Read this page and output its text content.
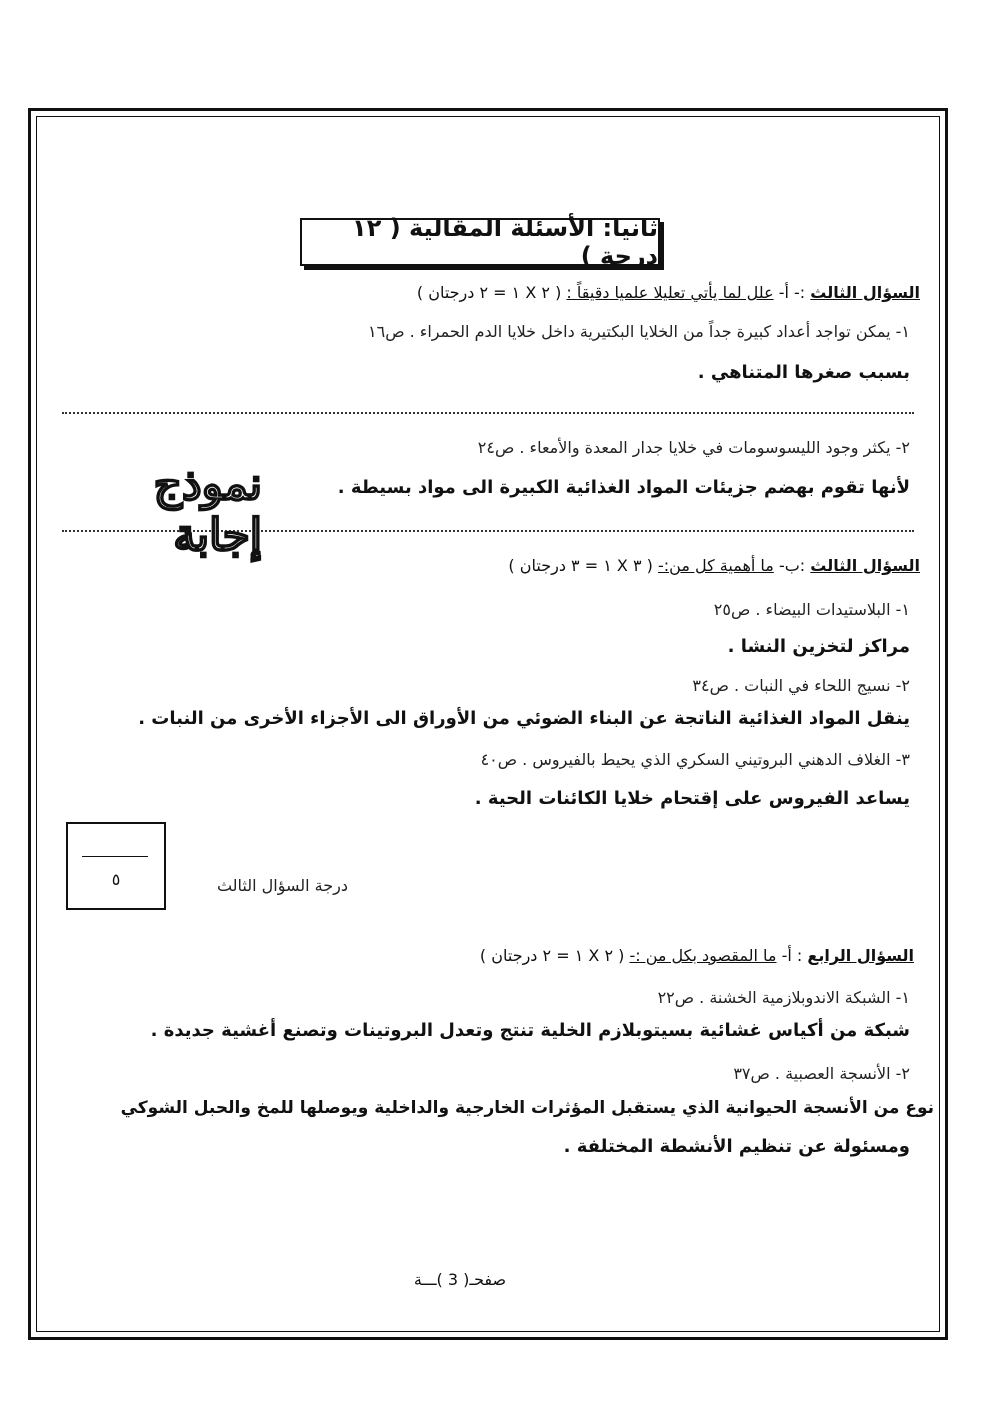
ثانيا: الأسئلة المقالية ( ١٢ درجة )
السؤال الثالث :- أ- علل لما يأتي تعليلا علميا دقيقاً : ( ٢ X ١ = ٢ درجتان )
١- يمكن تواجد أعداد كبيرة جداً من الخلايا البكتيرية داخل خلايا الدم الحمراء . ص١٦
بسبب صغرها المتناهي .
٢- يكثر وجود الليسوسومات في خلايا جدار المعدة والأمعاء . ص٢٤
لأنها تقوم بهضم جزيئات المواد الغذائية الكبيرة الى مواد بسيطة .
نموذج إجابة
السؤال الثالث :ب- ما أهمية كل من:- ( ٣ X ١ = ٣ درجتان )
١- البلاستيدات البيضاء . ص٢٥
مراكز لتخزين النشا .
٢- نسيج اللحاء في النبات . ص٣٤
ينقل المواد الغذائية الناتجة عن البناء الضوئي من الأوراق الى الأجزاء الأخرى من النبات .
٣- الغلاف الدهني البروتيني السكري الذي يحيط بالفيروس . ص٤٠
يساعد الفيروس على إقتحام خلايا الكائنات الحية .
٥	درجة السؤال الثالث
السؤال الرابع : أ- ما المقصود بكل من :- ( ٢ X ١ = ٢ درجتان )
١- الشبكة الاندوبلازمية الخشنة . ص٢٢
شبكة من أكياس غشائية بسيتوبلازم الخلية تنتج وتعدل البروتينات وتصنع أغشية جديدة .
٢- الأنسجة العصبية . ص٣٧
نوع من الأنسجة الحيوانية الذي يستقبل المؤثرات الخارجية والداخلية ويوصلها للمخ والحبل الشوكي
ومسئولة عن تنظيم الأنشطة المختلفة .
صفحـ( 3 )ـــة
